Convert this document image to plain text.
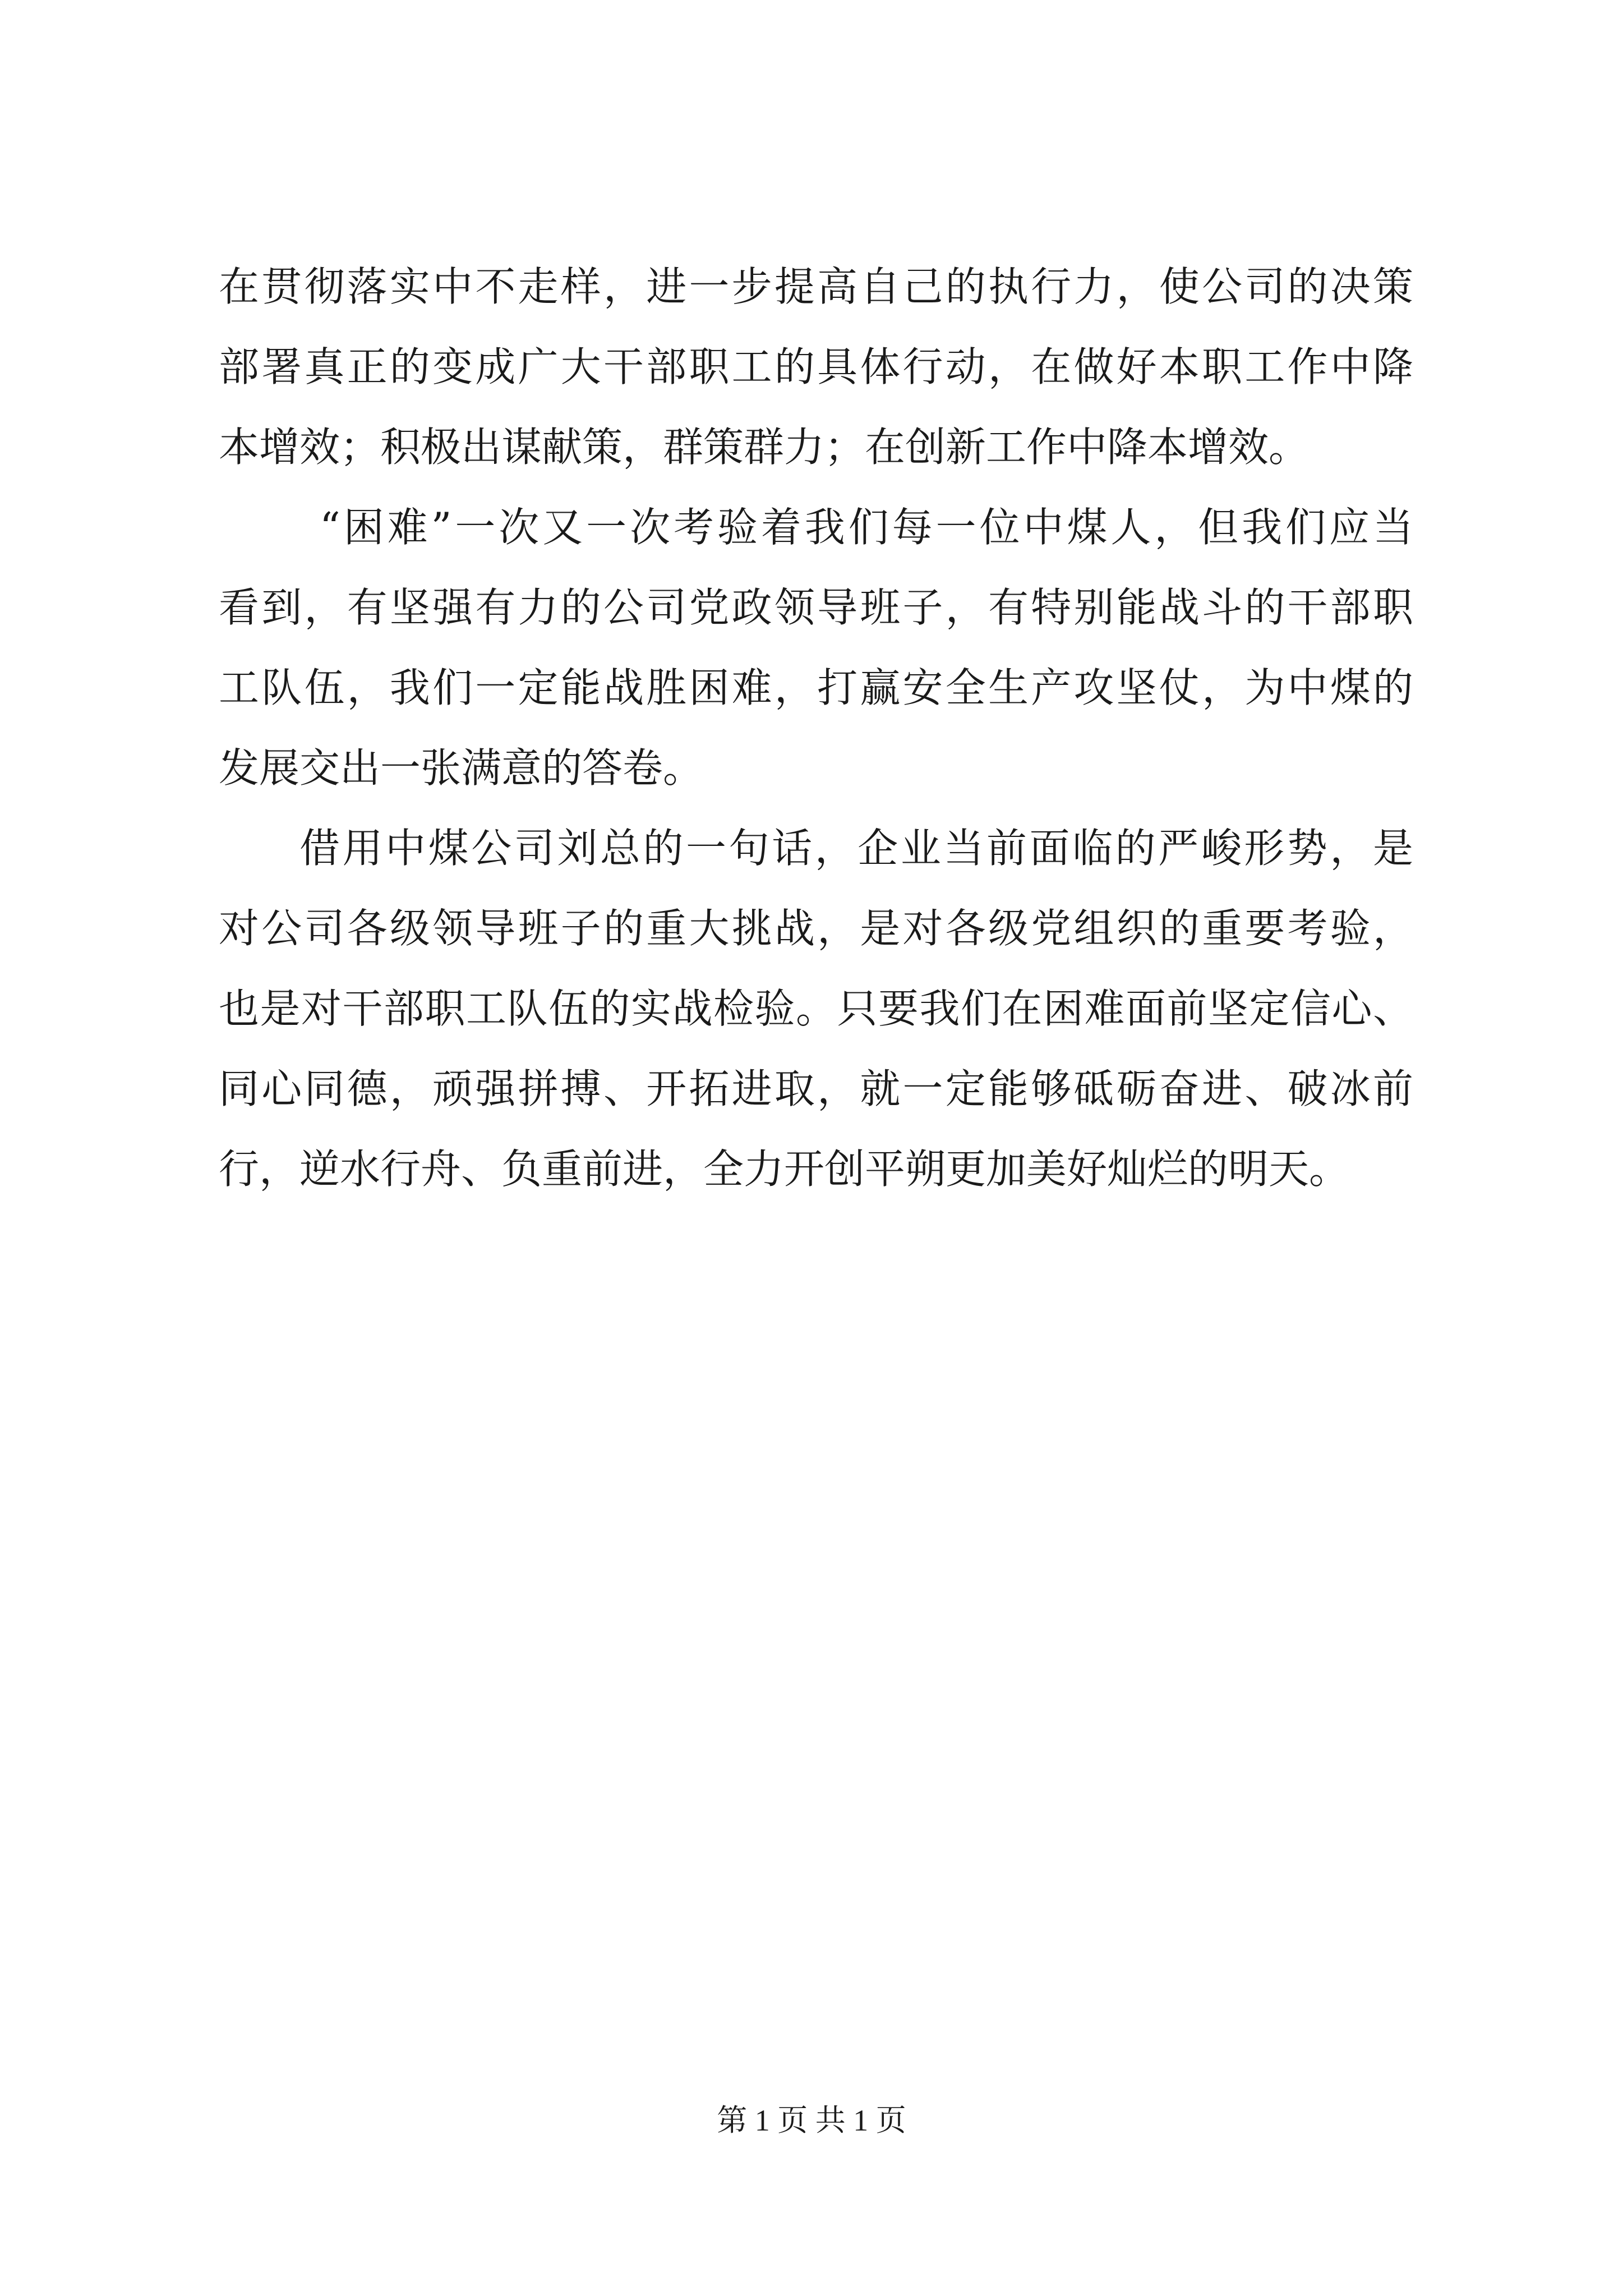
在贯彻落实中不走样，进一步提高自己的执行力，使公司的决策
部署真正的变成广大干部职工的具体行动，在做好本职工作中降
本增效；积极出谋献策，群策群力；在创新工作中降本增效。
“困难”一次又一次考验着我们每一位中煤人，但我们应当
看到，有坚强有力的公司党政领导班子，有特别能战斗的干部职
工队伍，我们一定能战胜困难，打赢安全生产攻坚仗，为中煤的
发展交出一张满意的答卷。
借用中煤公司刘总的一句话，企业当前面临的严峻形势，是
对公司各级领导班子的重大挑战，是对各级党组织的重要考验，
也是对干部职工队伍的实战检验。只要我们在困难面前坚定信心、
同心同德，顽强拼搏、开拓进取，就一定能够砥砺奋进、破冰前
行，逆水行舟、负重前进，全力开创平朔更加美好灿烂的明天。
第 1 页 共 1 页
